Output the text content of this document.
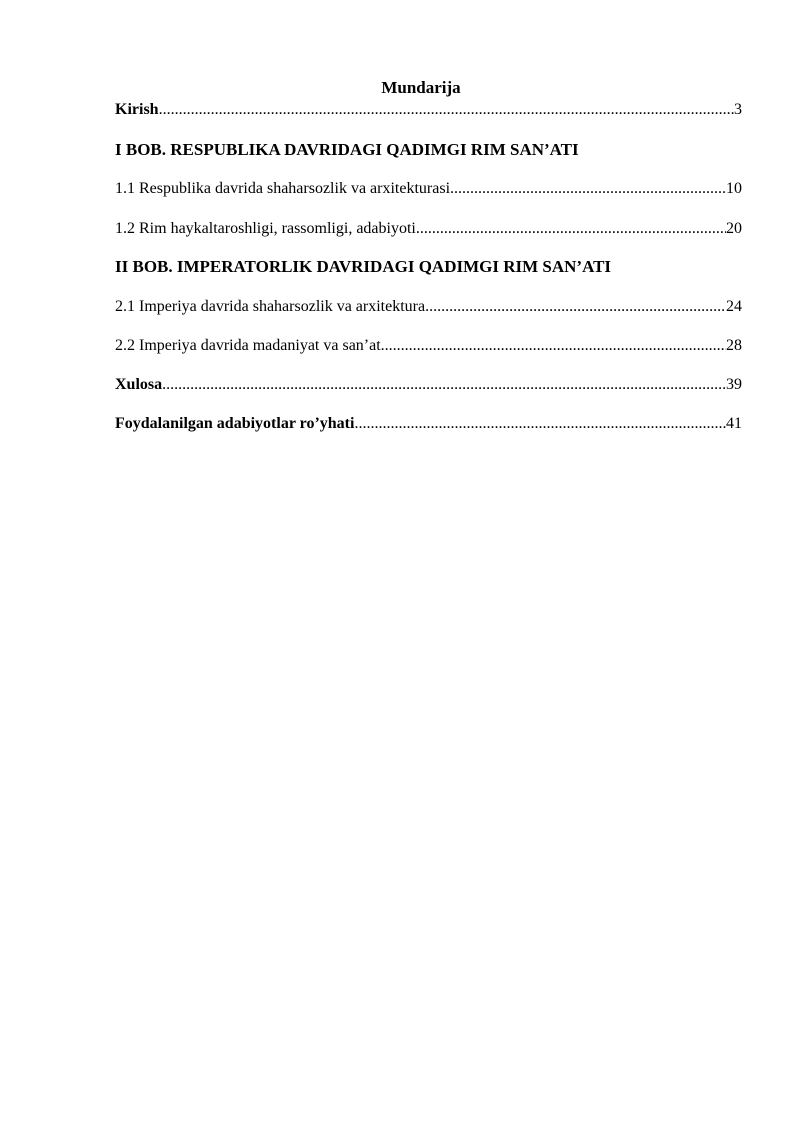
Mundarija
Kirish .....	3
I BOB. RESPUBLIKA DAVRIDAGI QADIMGI RIM SAN’ATI
1.1 Respublika davrida shaharsozlik va arxitekturasi .....	10
1.2 Rim haykaltaroshligi, rassomligi, adabiyoti .....	20
II BOB. IMPERATORLIK DAVRIDAGI QADIMGI RIM SAN’ATI
2.1 Imperiya davrida shaharsozlik va arxitektura .....	24
2.2 Imperiya davrida madaniyat va san’at .....	28
Xulosa .....	39
Foydalanilgan adabiyotlar ro’yhati .....	41
